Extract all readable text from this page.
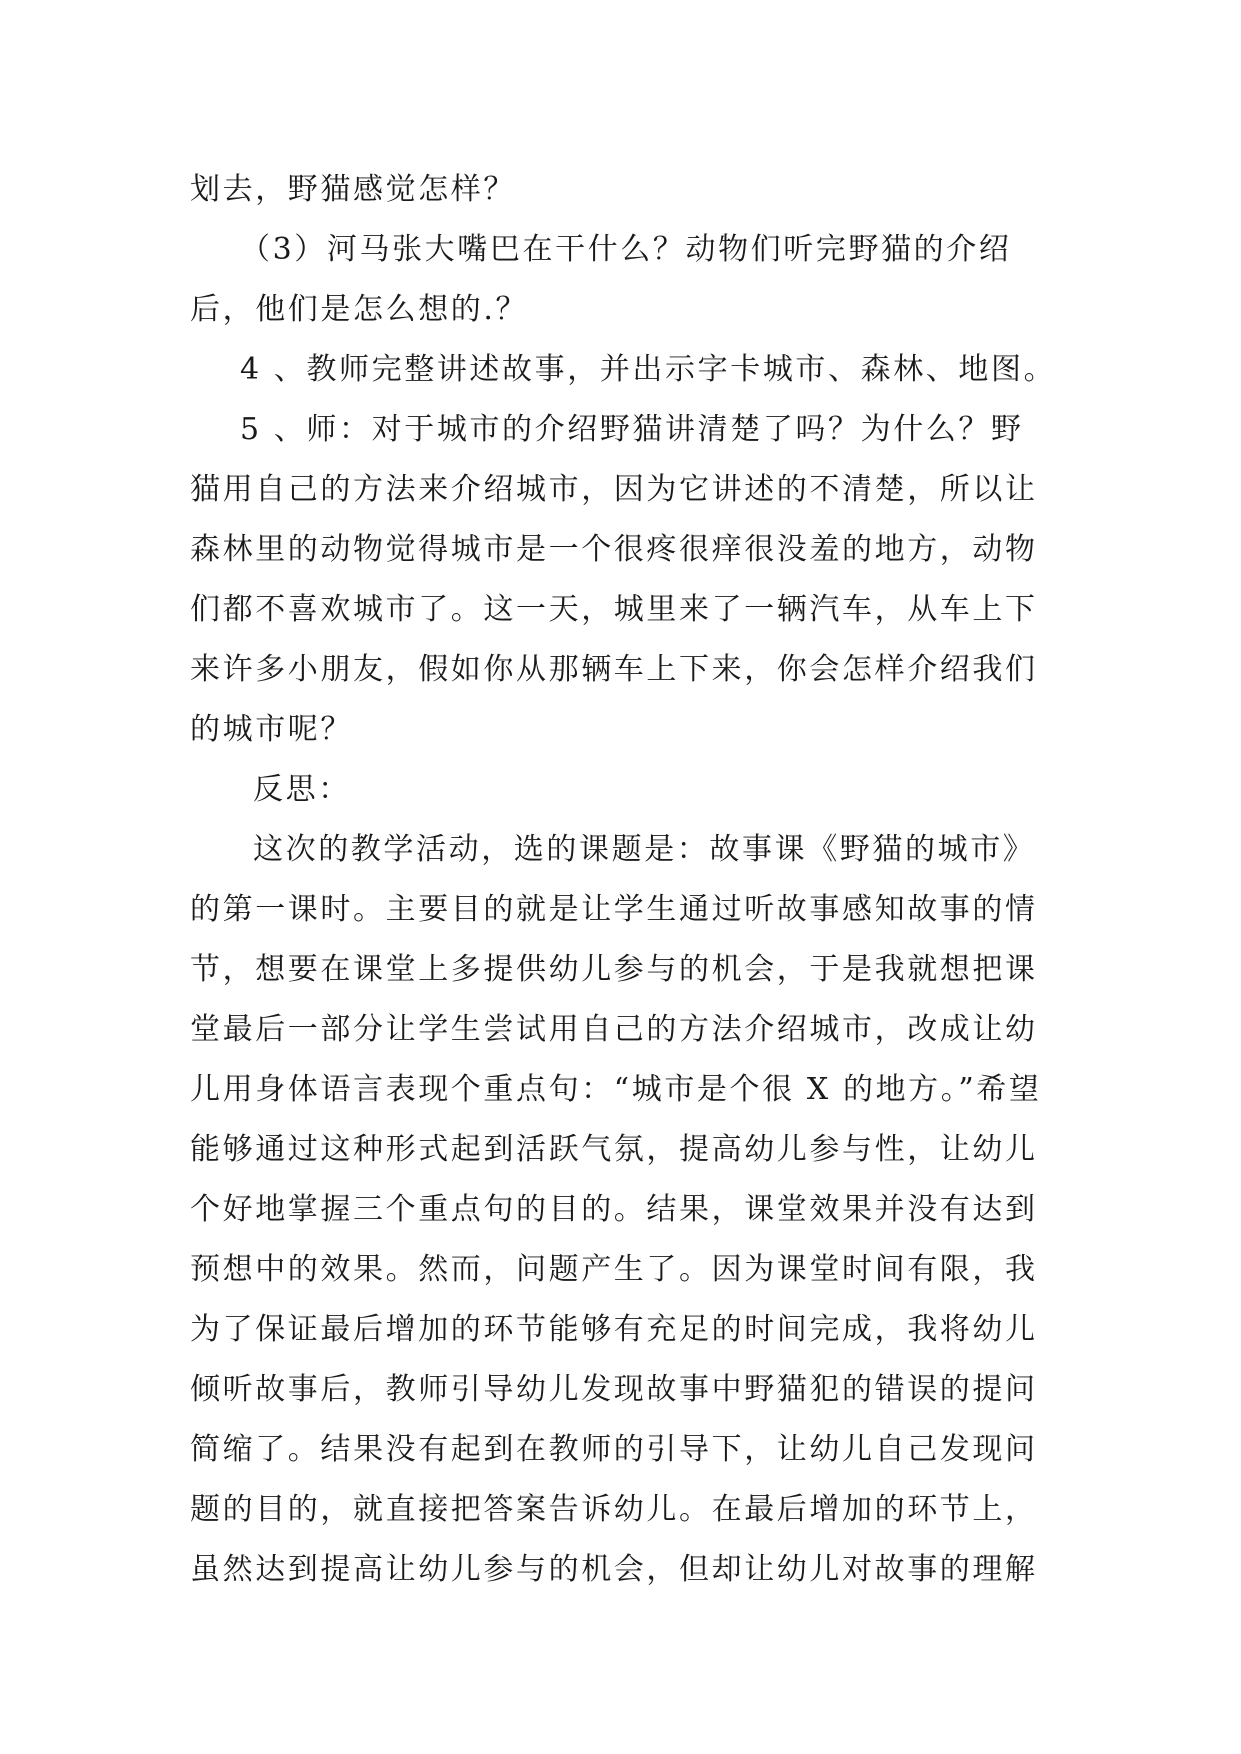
划去，野猫感觉怎样？
（3）河马张大嘴巴在干什么？动物们听完野猫的介绍
后，他们是怎么想的.？
4 、教师完整讲述故事，并出示字卡城市、森林、地图。
5 、师：对于城市的介绍野猫讲清楚了吗？为什么？野
猫用自己的方法来介绍城市，因为它讲述的不清楚，所以让
森林里的动物觉得城市是一个很疼很痒很没羞的地方，动物
们都不喜欢城市了。这一天，城里来了一辆汽车，从车上下
来许多小朋友，假如你从那辆车上下来，你会怎样介绍我们
的城市呢？
反思：
这次的教学活动，选的课题是：故事课《野猫的城市》
的第一课时。主要目的就是让学生通过听故事感知故事的情
节，想要在课堂上多提供幼儿参与的机会，于是我就想把课
堂最后一部分让学生尝试用自己的方法介绍城市，改成让幼
儿用身体语言表现个重点句：“城市是个很 X 的地方。”希望
能够通过这种形式起到活跃气氛，提高幼儿参与性，让幼儿
个好地掌握三个重点句的目的。结果，课堂效果并没有达到
预想中的效果。然而，问题产生了。因为课堂时间有限，我
为了保证最后增加的环节能够有充足的时间完成，我将幼儿
倾听故事后，教师引导幼儿发现故事中野猫犯的错误的提问
简缩了。结果没有起到在教师的引导下，让幼儿自己发现问
题的目的，就直接把答案告诉幼儿。在最后增加的环节上，
虽然达到提高让幼儿参与的机会，但却让幼儿对故事的理解
